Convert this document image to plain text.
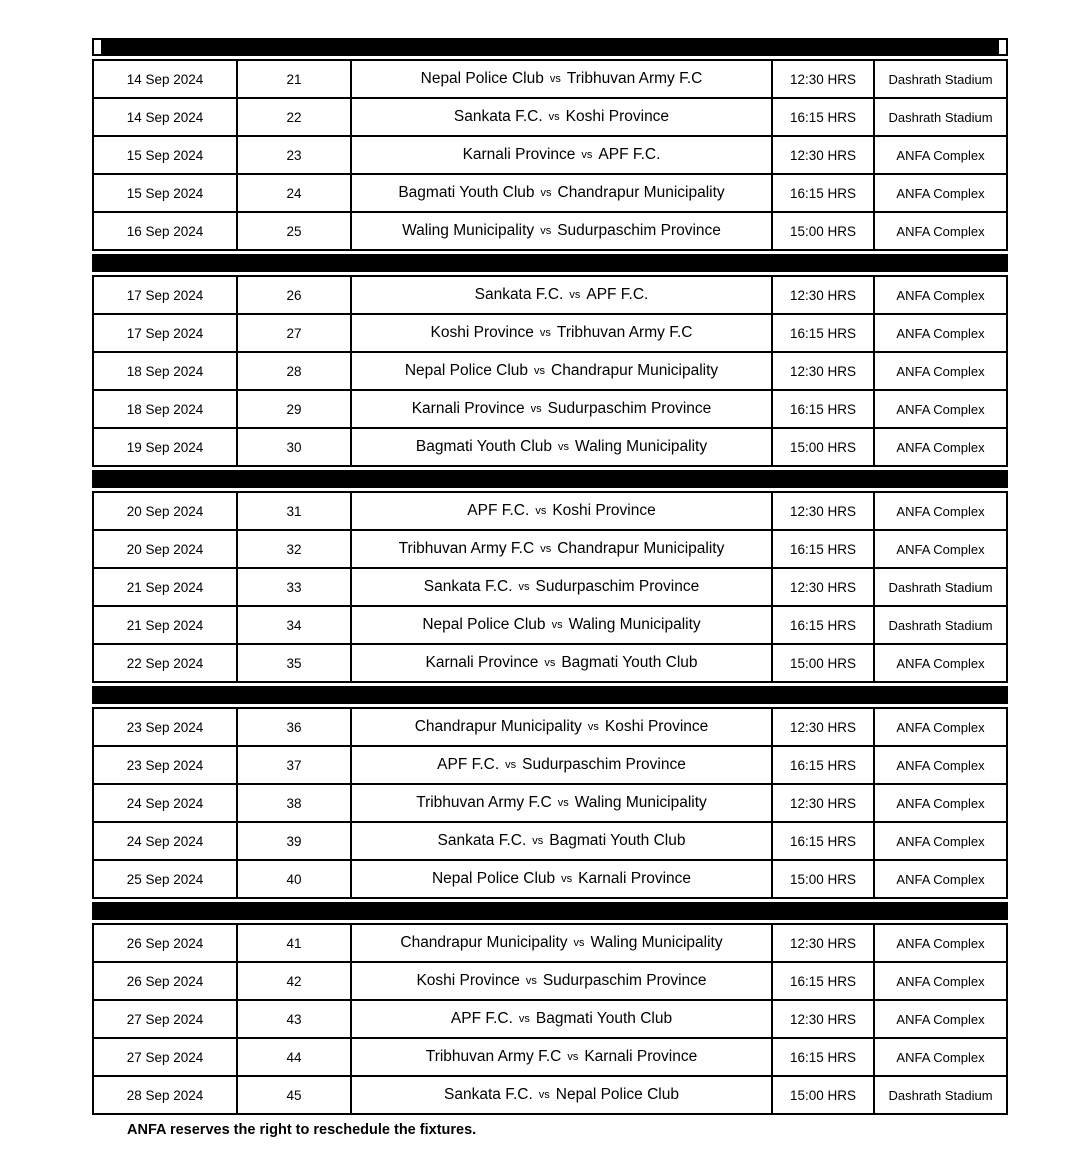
14 Sep 2024	21	Nepal Police Club vs Tribhuvan Army F.C	12:30 HRS	Dashrath Stadium
14 Sep 2024	22	Sankata F.C. vs Koshi Province	16:15 HRS	Dashrath Stadium
15 Sep 2024	23	Karnali Province vs APF F.C.	12:30 HRS	ANFA Complex
15 Sep 2024	24	Bagmati Youth Club vs Chandrapur Municipality	16:15 HRS	ANFA Complex
16 Sep 2024	25	Waling Municipality vs Sudurpaschim Province	15:00 HRS	ANFA Complex
17 Sep 2024	26	Sankata F.C. vs APF F.C.	12:30 HRS	ANFA Complex
17 Sep 2024	27	Koshi Province vs Tribhuvan Army F.C	16:15 HRS	ANFA Complex
18 Sep 2024	28	Nepal Police Club vs Chandrapur Municipality	12:30 HRS	ANFA Complex
18 Sep 2024	29	Karnali Province vs Sudurpaschim Province	16:15 HRS	ANFA Complex
19 Sep 2024	30	Bagmati Youth Club vs Waling Municipality	15:00 HRS	ANFA Complex
20 Sep 2024	31	APF F.C. vs Koshi Province	12:30 HRS	ANFA Complex
20 Sep 2024	32	Tribhuvan Army F.C vs Chandrapur Municipality	16:15 HRS	ANFA Complex
21 Sep 2024	33	Sankata F.C. vs Sudurpaschim Province	12:30 HRS	Dashrath Stadium
21 Sep 2024	34	Nepal Police Club vs Waling Municipality	16:15 HRS	Dashrath Stadium
22 Sep 2024	35	Karnali Province vs Bagmati Youth Club	15:00 HRS	ANFA Complex
23 Sep 2024	36	Chandrapur Municipality vs Koshi Province	12:30 HRS	ANFA Complex
23 Sep 2024	37	APF F.C. vs Sudurpaschim Province	16:15 HRS	ANFA Complex
24 Sep 2024	38	Tribhuvan Army F.C vs Waling Municipality	12:30 HRS	ANFA Complex
24 Sep 2024	39	Sankata F.C. vs Bagmati Youth Club	16:15 HRS	ANFA Complex
25 Sep 2024	40	Nepal Police Club vs Karnali Province	15:00 HRS	ANFA Complex
26 Sep 2024	41	Chandrapur Municipality vs Waling Municipality	12:30 HRS	ANFA Complex
26 Sep 2024	42	Koshi Province vs Sudurpaschim Province	16:15 HRS	ANFA Complex
27 Sep 2024	43	APF F.C. vs Bagmati Youth Club	12:30 HRS	ANFA Complex
27 Sep 2024	44	Tribhuvan Army F.C vs Karnali Province	16:15 HRS	ANFA Complex
28 Sep 2024	45	Sankata F.C. vs Nepal Police Club	15:00 HRS	Dashrath Stadium
ANFA reserves the right to reschedule the fixtures.
